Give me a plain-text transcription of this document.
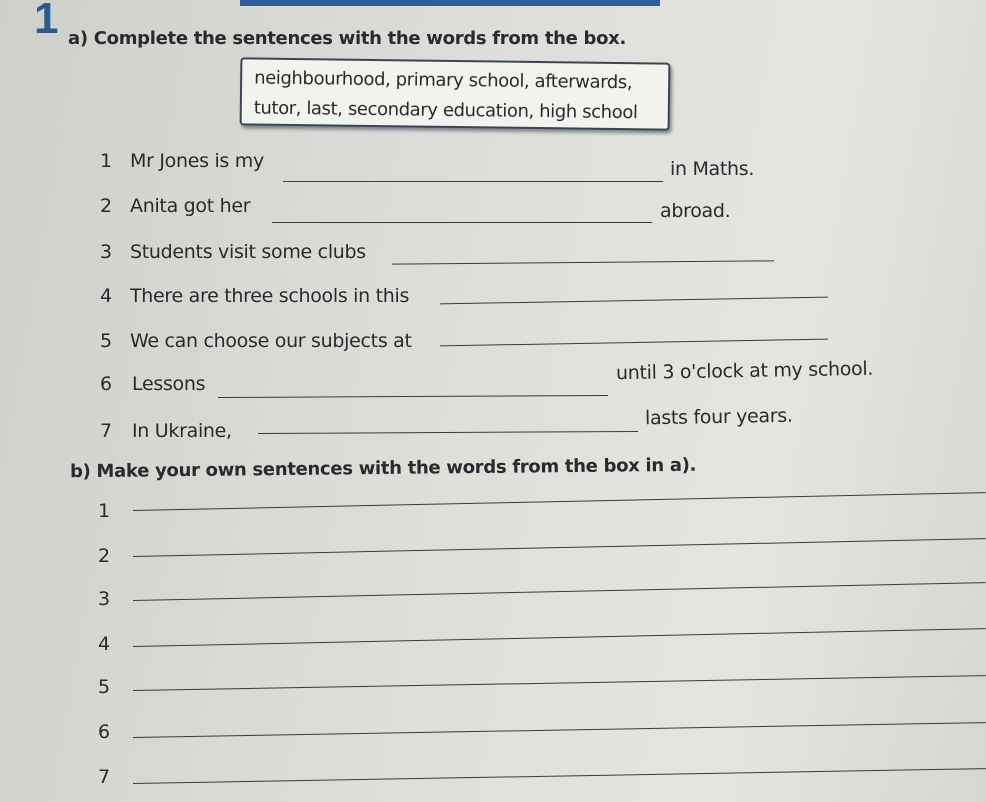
1 a) Complete the sentences with the words from the box.
neighbourhood, primary school, afterwards,
tutor, last, secondary education, high school
1 Mr Jones is my	in Maths.
2 Anita got her	abroad.
3 Students visit some clubs
4 There are three schools in this
5 We can choose our subjects at
6 Lessons	until 3 o'clock at my school.
7 In Ukraine,
lasts four years.
b) Make your own sentences with the words from the box in a).
1
2
3
4
5
6
7
